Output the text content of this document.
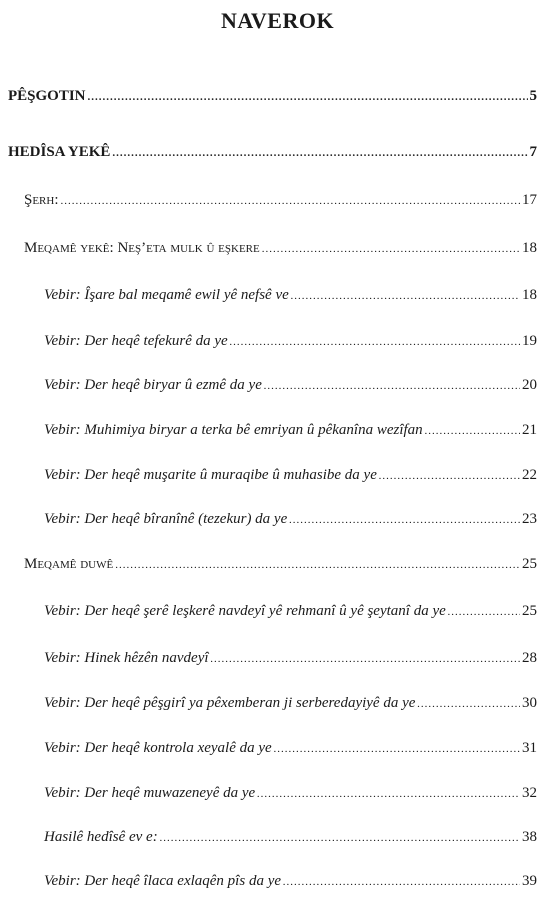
NAVEROK
PÊŞGOTIN .....	5
HEDÎSA YEKÊ .....	7
Şerh: .....	17
Meqamê yekê: Neş’eta mulk û eşkere .....	18
Vebir: Îşare bal meqamê ewil yê nefsê ve .....	18
Vebir: Der heqê tefekurê da ye .....	19
Vebir: Der heqê biryar û ezmê da ye .....	20
Vebir: Muhimiya biryar a terka bê emriyan û pêkanîna wezîfan .....	21
Vebir: Der heqê muşarite û muraqibe û muhasibe da ye .....	22
Vebir: Der heqê bîranînê (tezekur) da ye .....	23
Meqamê duwê .....	25
Vebir: Der heqê şerê leşkerê navdeyî yê rehmanî û yê şeytanî da ye .....	25
Vebir: Hinek hêzên navdeyî .....	28
Vebir: Der heqê pêşgirî ya pêxemberan ji serberedayiyê da ye .....	30
Vebir: Der heqê kontrola xeyalê da ye .....	31
Vebir: Der heqê muwazeneyê da ye .....	32
Hasilê hedîsê ev e: .....	38
Vebir: Der heqê îlaca exlaqên pîs da ye .....	39
